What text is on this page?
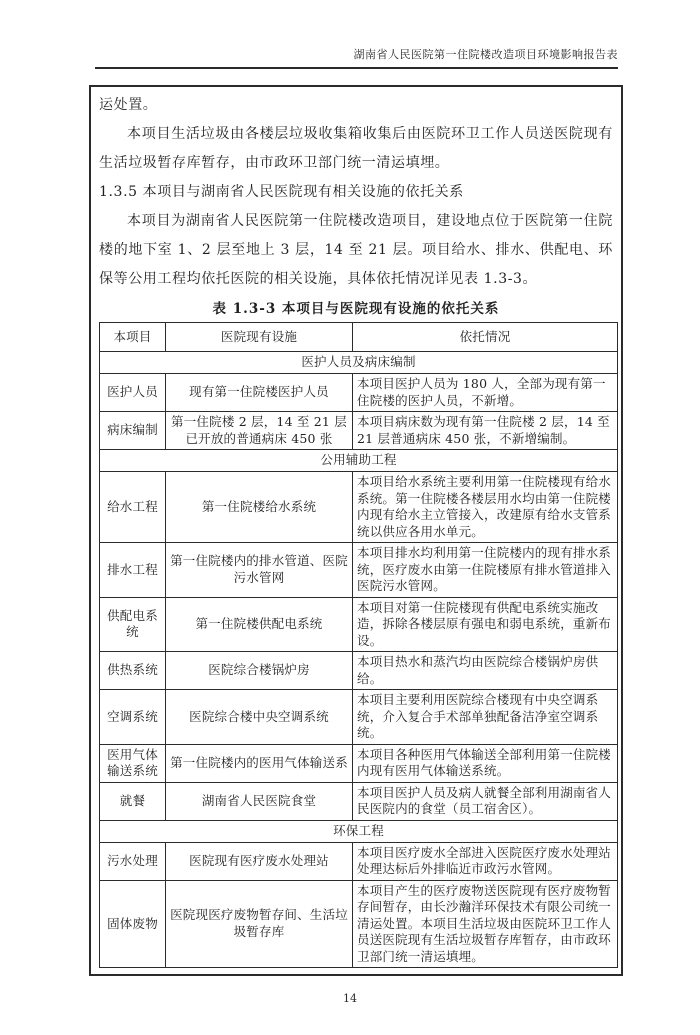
湖南省人民医院第一住院楼改造项目环境影响报告表

运处置。

本项目生活垃圾由各楼层垃圾收集箱收集后由医院环卫工作人员送医院现有生活垃圾暂存库暂存，由市政环卫部门统一清运填埋。

1.3.5 本项目与湖南省人民医院现有相关设施的依托关系

本项目为湖南省人民医院第一住院楼改造项目，建设地点位于医院第一住院楼的地下室 1、2 层至地上 3 层，14 至 21 层。项目给水、排水、供配电、环保等公用工程均依托医院的相关设施，具体依托情况详见表 1.3-3。

表 1.3-3 本项目与医院现有设施的依托关系
本项目	医院现有设施	依托情况
医护人员及病床编制		
医护人员	现有第一住院楼医护人员	本项目医护人员为 180 人，全部为现有第一住院楼的医护人员，不新增。
病床编制	第一住院楼 2 层，14 至 21 层已开放的普通病床 450 张	本项目病床数为现有第一住院楼 2 层，14 至 21 层普通病床 450 张，不新增编制。
公用辅助工程		
给水工程	第一住院楼给水系统	本项目给水系统主要利用第一住院楼现有给水系统。第一住院楼各楼层用水均由第一住院楼内现有给水主立管接入，改建原有给水支管系统以供应各用水单元。
排水工程	第一住院楼内的排水管道、医院污水管网	本项目排水均利用第一住院楼内的现有排水系统，医疗废水由第一住院楼原有排水管道排入医院污水管网。
供配电系统	第一住院楼供配电系统	本项目对第一住院楼现有供配电系统实施改造，拆除各楼层原有强电和弱电系统，重新布设。
供热系统	医院综合楼锅炉房	本项目热水和蒸汽均由医院综合楼锅炉房供给。
空调系统	医院综合楼中央空调系统	本项目主要利用医院综合楼现有中央空调系统，介入复合手术部单独配备洁净室空调系统。
医用气体输送系统	第一住院楼内的医用气体输送系	本项目各种医用气体输送全部利用第一住院楼内现有医用气体输送系统。
就餐	湖南省人民医院食堂	本项目医护人员及病人就餐全部利用湖南省人民医院内的食堂（员工宿舍区）。
环保工程		
污水处理	医院现有医疗废水处理站	本项目医疗废水全部进入医院医疗废水处理站处理达标后外排临近市政污水管网。
固体废物	医院现医疗废物暂存间、生活垃圾暂存库	本项目产生的医疗废物送医院现有医疗废物暂存间暂存，由长沙瀚洋环保技术有限公司统一清运处置。本项目生活垃圾由医院环卫工作人员送医院现有生活垃圾暂存库暂存，由市政环卫部门统一清运填埋。
14
